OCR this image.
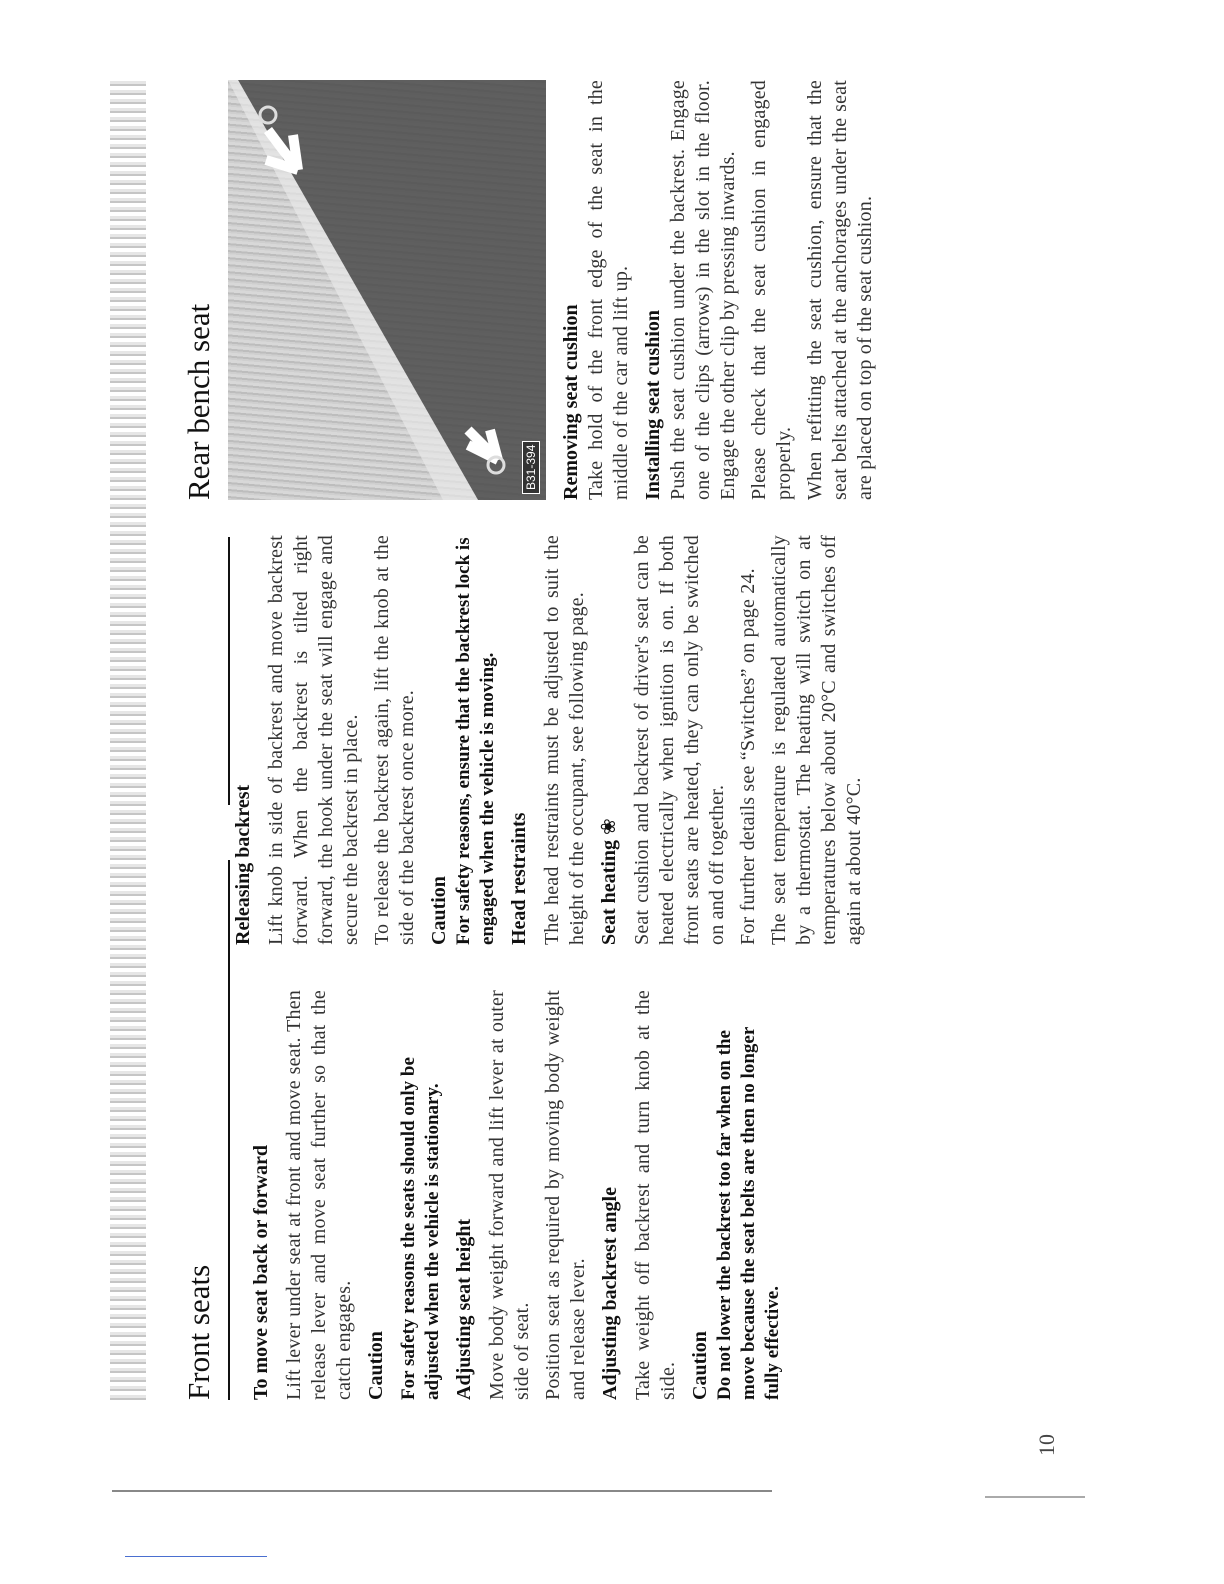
Front seats To move seat back or forward Lift lever under seat at front and move seat. Then release lever and move seat further so that the catch engages. Caution For safety reasons the seats should only be adjusted when the vehicle is stationary. Adjusting seat height Move body weight forward and lift lever at outer side of seat. Position seat as required by moving body weight and release lever. Adjusting backrest angle Take weight off backrest and turn knob at the side. Caution Do not lower the backrest too far when on the move because the seat belts are then no longer fully effective.

Releasing backrest Lift knob in side of backrest and move backrest forward. When the backrest is tilted right forward, the hook under the seat will engage and secure the backrest in place. To release the backrest again, lift the knob at the side of the backrest once more. Caution For safety reasons, ensure that the backrest lock is engaged when the vehicle is moving. Head restraints The head restraints must be adjusted to suit the height of the occupant, see following page. Seat heating ❀ Seat cushion and backrest of driver's seat can be heated electrically when ignition is on. If both front seats are heated, they can only be switched on and off together. For further details see “Switches” on page 24. The seat temperature is regulated automatically by a thermostat. The heating will switch on at temperatures below about 20°C and switches off again at about 40°C.

Rear bench seat	B31-394 Removing seat cushion Take hold of the front edge of the seat in the middle of the car and lift up. Installing seat cushion Push the seat cushion under the backrest. Engage one of the clips (arrows) in the slot in the floor. Engage the other clip by pressing inwards. Please check that the seat cushion in engaged properly. When refitting the seat cushion, ensure that the seat belts attached at the anchorages under the seat are placed on top of the seat cushion.

10
